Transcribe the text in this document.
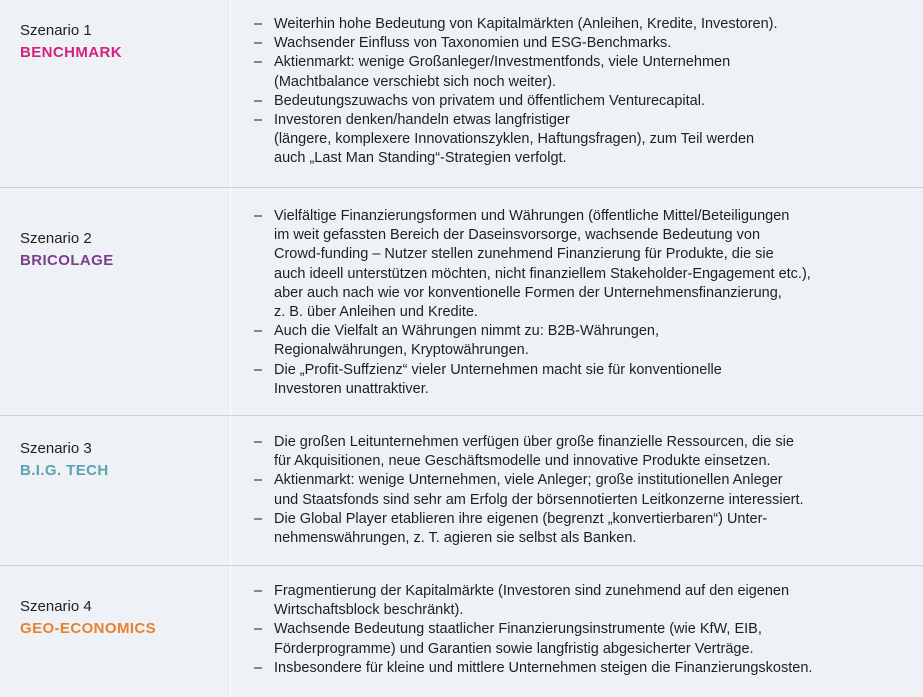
Szenario 1
BENCHMARK
– Weiterhin hohe Bedeutung von Kapitalmärkten (Anleihen, Kredite, Investoren).
– Wachsender Einfluss von Taxonomien und ESG-Benchmarks.
– Aktienmarkt: wenige Großanleger/Investmentfonds, viele Unternehmen
(Machtbalance verschiebt sich noch weiter).
– Bedeutungszuwachs von privatem und öffentlichem Venturecapital.
– Investoren denken/handeln etwas langfristiger
(längere, komplexere Innovationszyklen, Haftungsfragen), zum Teil werden
auch „Last Man Standing“-Strategien verfolgt.
Szenario 2
BRICOLAGE
– Vielfältige Finanzierungsformen und Währungen (öffentliche Mittel/Beteiligungen
im weit gefassten Bereich der Daseinsvorsorge, wachsende Bedeutung von
Crowd-funding – Nutzer stellen zunehmend Finanzierung für Produkte, die sie
auch ideell unterstützen möchten, nicht finanziellem Stakeholder-Engagement etc.),
aber auch nach wie vor konventionelle Formen der Unternehmensfinanzierung,
z. B. über Anleihen und Kredite.
– Auch die Vielfalt an Währungen nimmt zu: B2B-Währungen,
Regionalwährungen, Kryptowährungen.
– Die „Profit-Suffzienz“ vieler Unternehmen macht sie für konventionelle
Investoren unattraktiver.
Szenario 3
B.I.G. TECH
– Die großen Leitunternehmen verfügen über große finanzielle Ressourcen, die sie
für Akquisitionen, neue Geschäftsmodelle und innovative Produkte einsetzen.
– Aktienmarkt: wenige Unternehmen, viele Anleger; große institutionellen Anleger
und Staatsfonds sind sehr am Erfolg der börsennotierten Leitkonzerne interessiert.
– Die Global Player etablieren ihre eigenen (begrenzt „konvertierbaren“) Unter-
nehmenswährungen, z. T. agieren sie selbst als Banken.
Szenario 4
GEO-ECONOMICS
– Fragmentierung der Kapitalmärkte (Investoren sind zunehmend auf den eigenen
Wirtschaftsblock beschränkt).
– Wachsende Bedeutung staatlicher Finanzierungsinstrumente (wie KfW, EIB,
Förderprogramme) und Garantien sowie langfristig abgesicherter Verträge.
– Insbesondere für kleine und mittlere Unternehmen steigen die Finanzierungskosten.
